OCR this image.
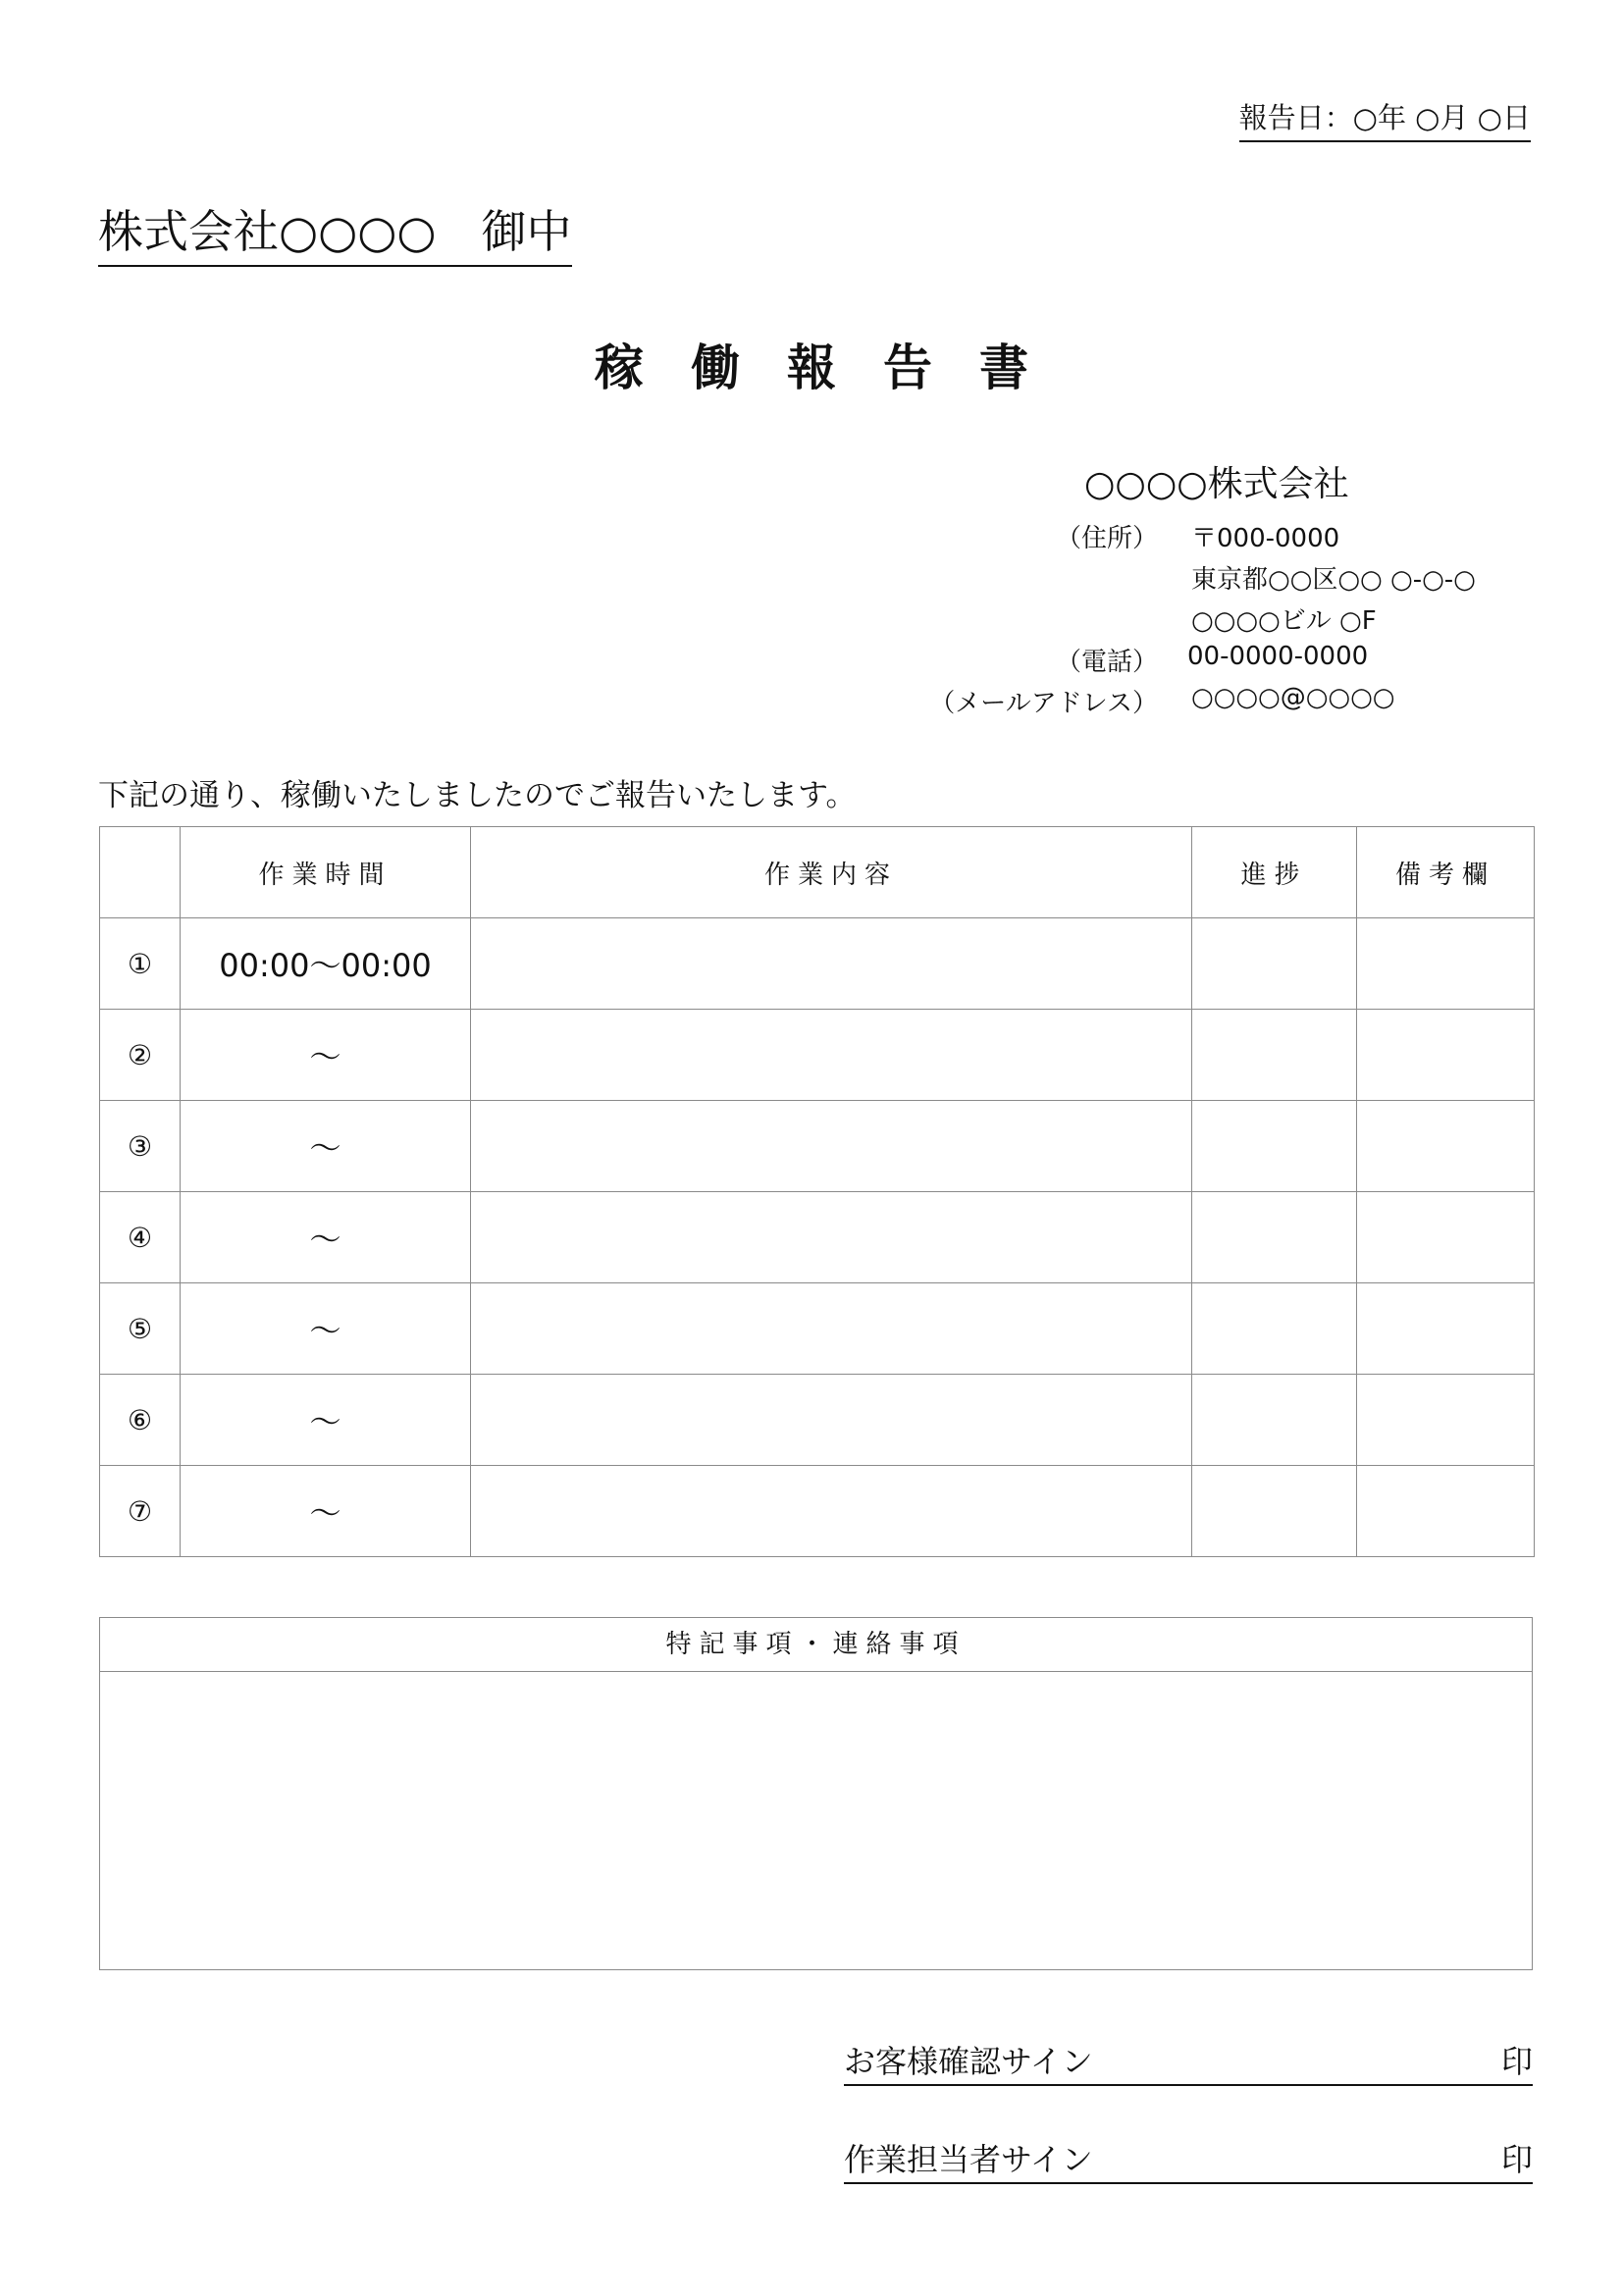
報告日：○年 ○月 ○日
株式会社○○○○　御中
稼働報告書
○○○○株式会社
（住所） 〒000-0000
東京都○○区○○ ○-○-○
○○○○ビル ○F
（電話） 00-0000-0000
（メールアドレス） ○○○○@○○○○
下記の通り、稼働いたしましたのでご報告いたします。
	作業時間	作業内容	進捗	備考欄
①	00:00〜00:00			
②	〜			
③	〜			
④	〜			
⑤	〜			
⑥	〜			
⑦	〜			
特記事項・連絡事項
お客様確認サイン	印
作業担当者サイン	印
